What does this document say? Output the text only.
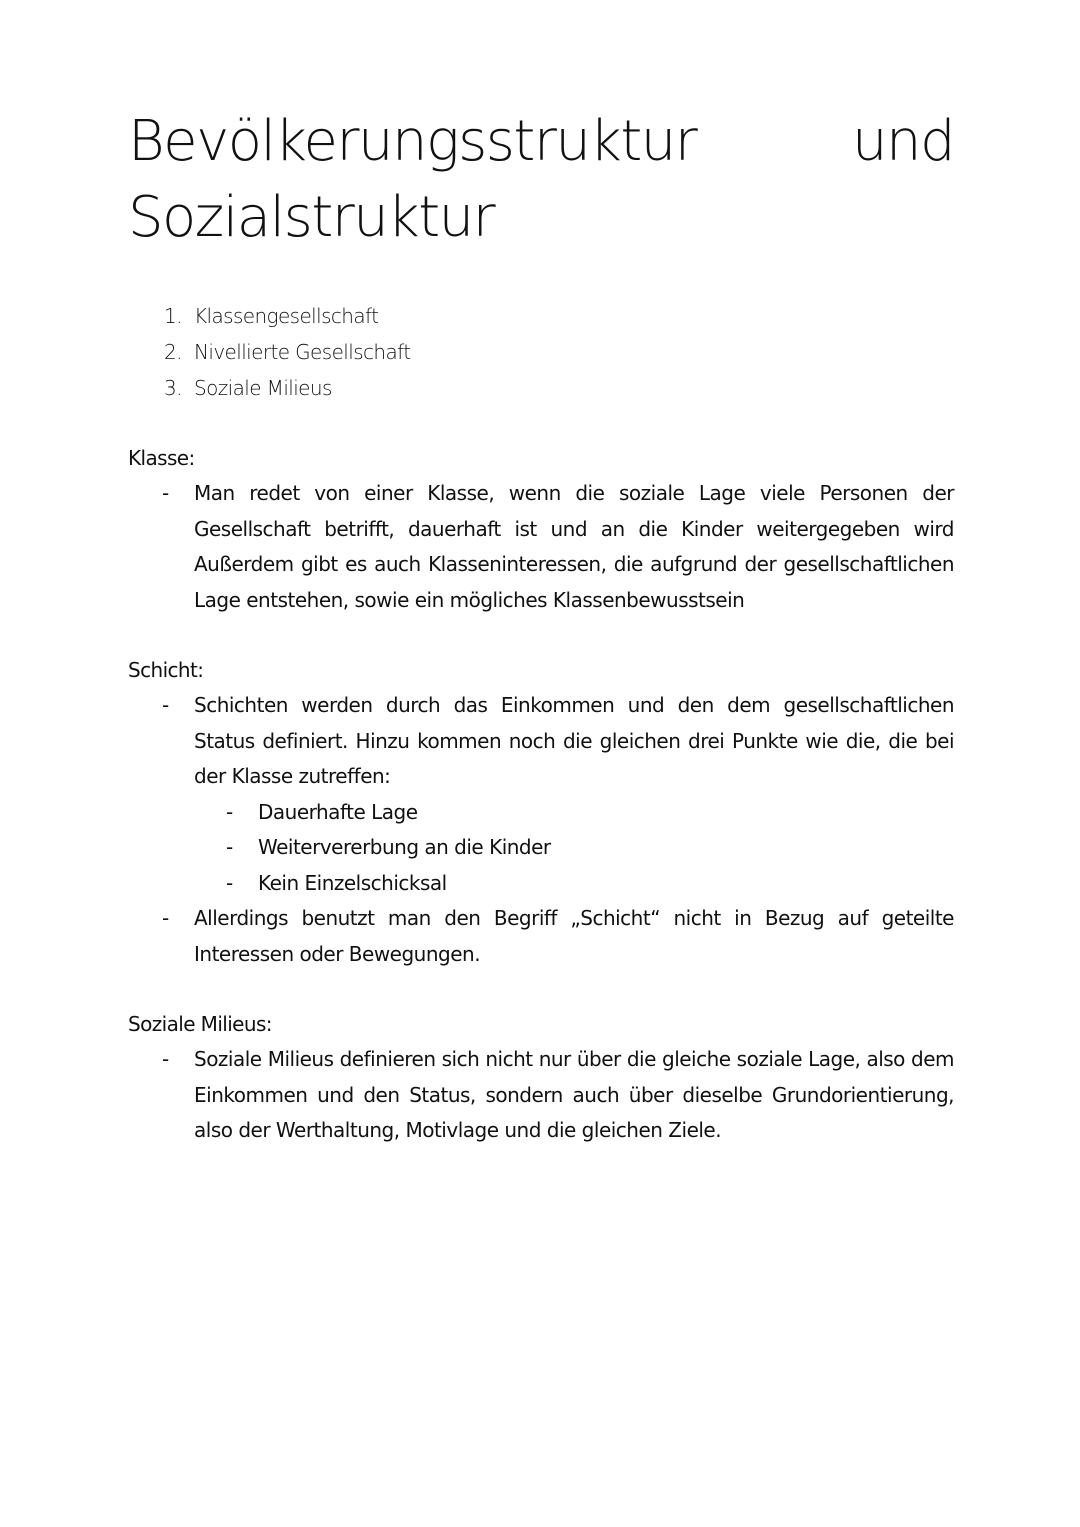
Bevölkerungsstruktur	und
Sozialstruktur
1. Klassengesellschaft
2. Nivellierte Gesellschaft
3. Soziale Milieus
Klasse:
-	Man redet von einer Klasse, wenn die soziale Lage viele Personen der Gesellschaft betrifft, dauerhaft ist und an die Kinder weitergegeben wird Außerdem gibt es auch Klasseninteressen, die aufgrund der gesellschaftlichen Lage entstehen, sowie ein mögliches Klassenbewusstsein
Schicht:
-	Schichten werden durch das Einkommen und den dem gesellschaftlichen Status definiert. Hinzu kommen noch die gleichen drei Punkte wie die, die bei der Klasse zutreffen:
-	Dauerhafte Lage
-	Weitervererbung an die Kinder
-	Kein Einzelschicksal
-	Allerdings benutzt man den Begriff „Schicht“ nicht in Bezug auf geteilte Interessen oder Bewegungen.
Soziale Milieus:
-	Soziale Milieus definieren sich nicht nur über die gleiche soziale Lage, also dem Einkommen und den Status, sondern auch über dieselbe Grundorientierung, also der Werthaltung, Motivlage und die gleichen Ziele.
